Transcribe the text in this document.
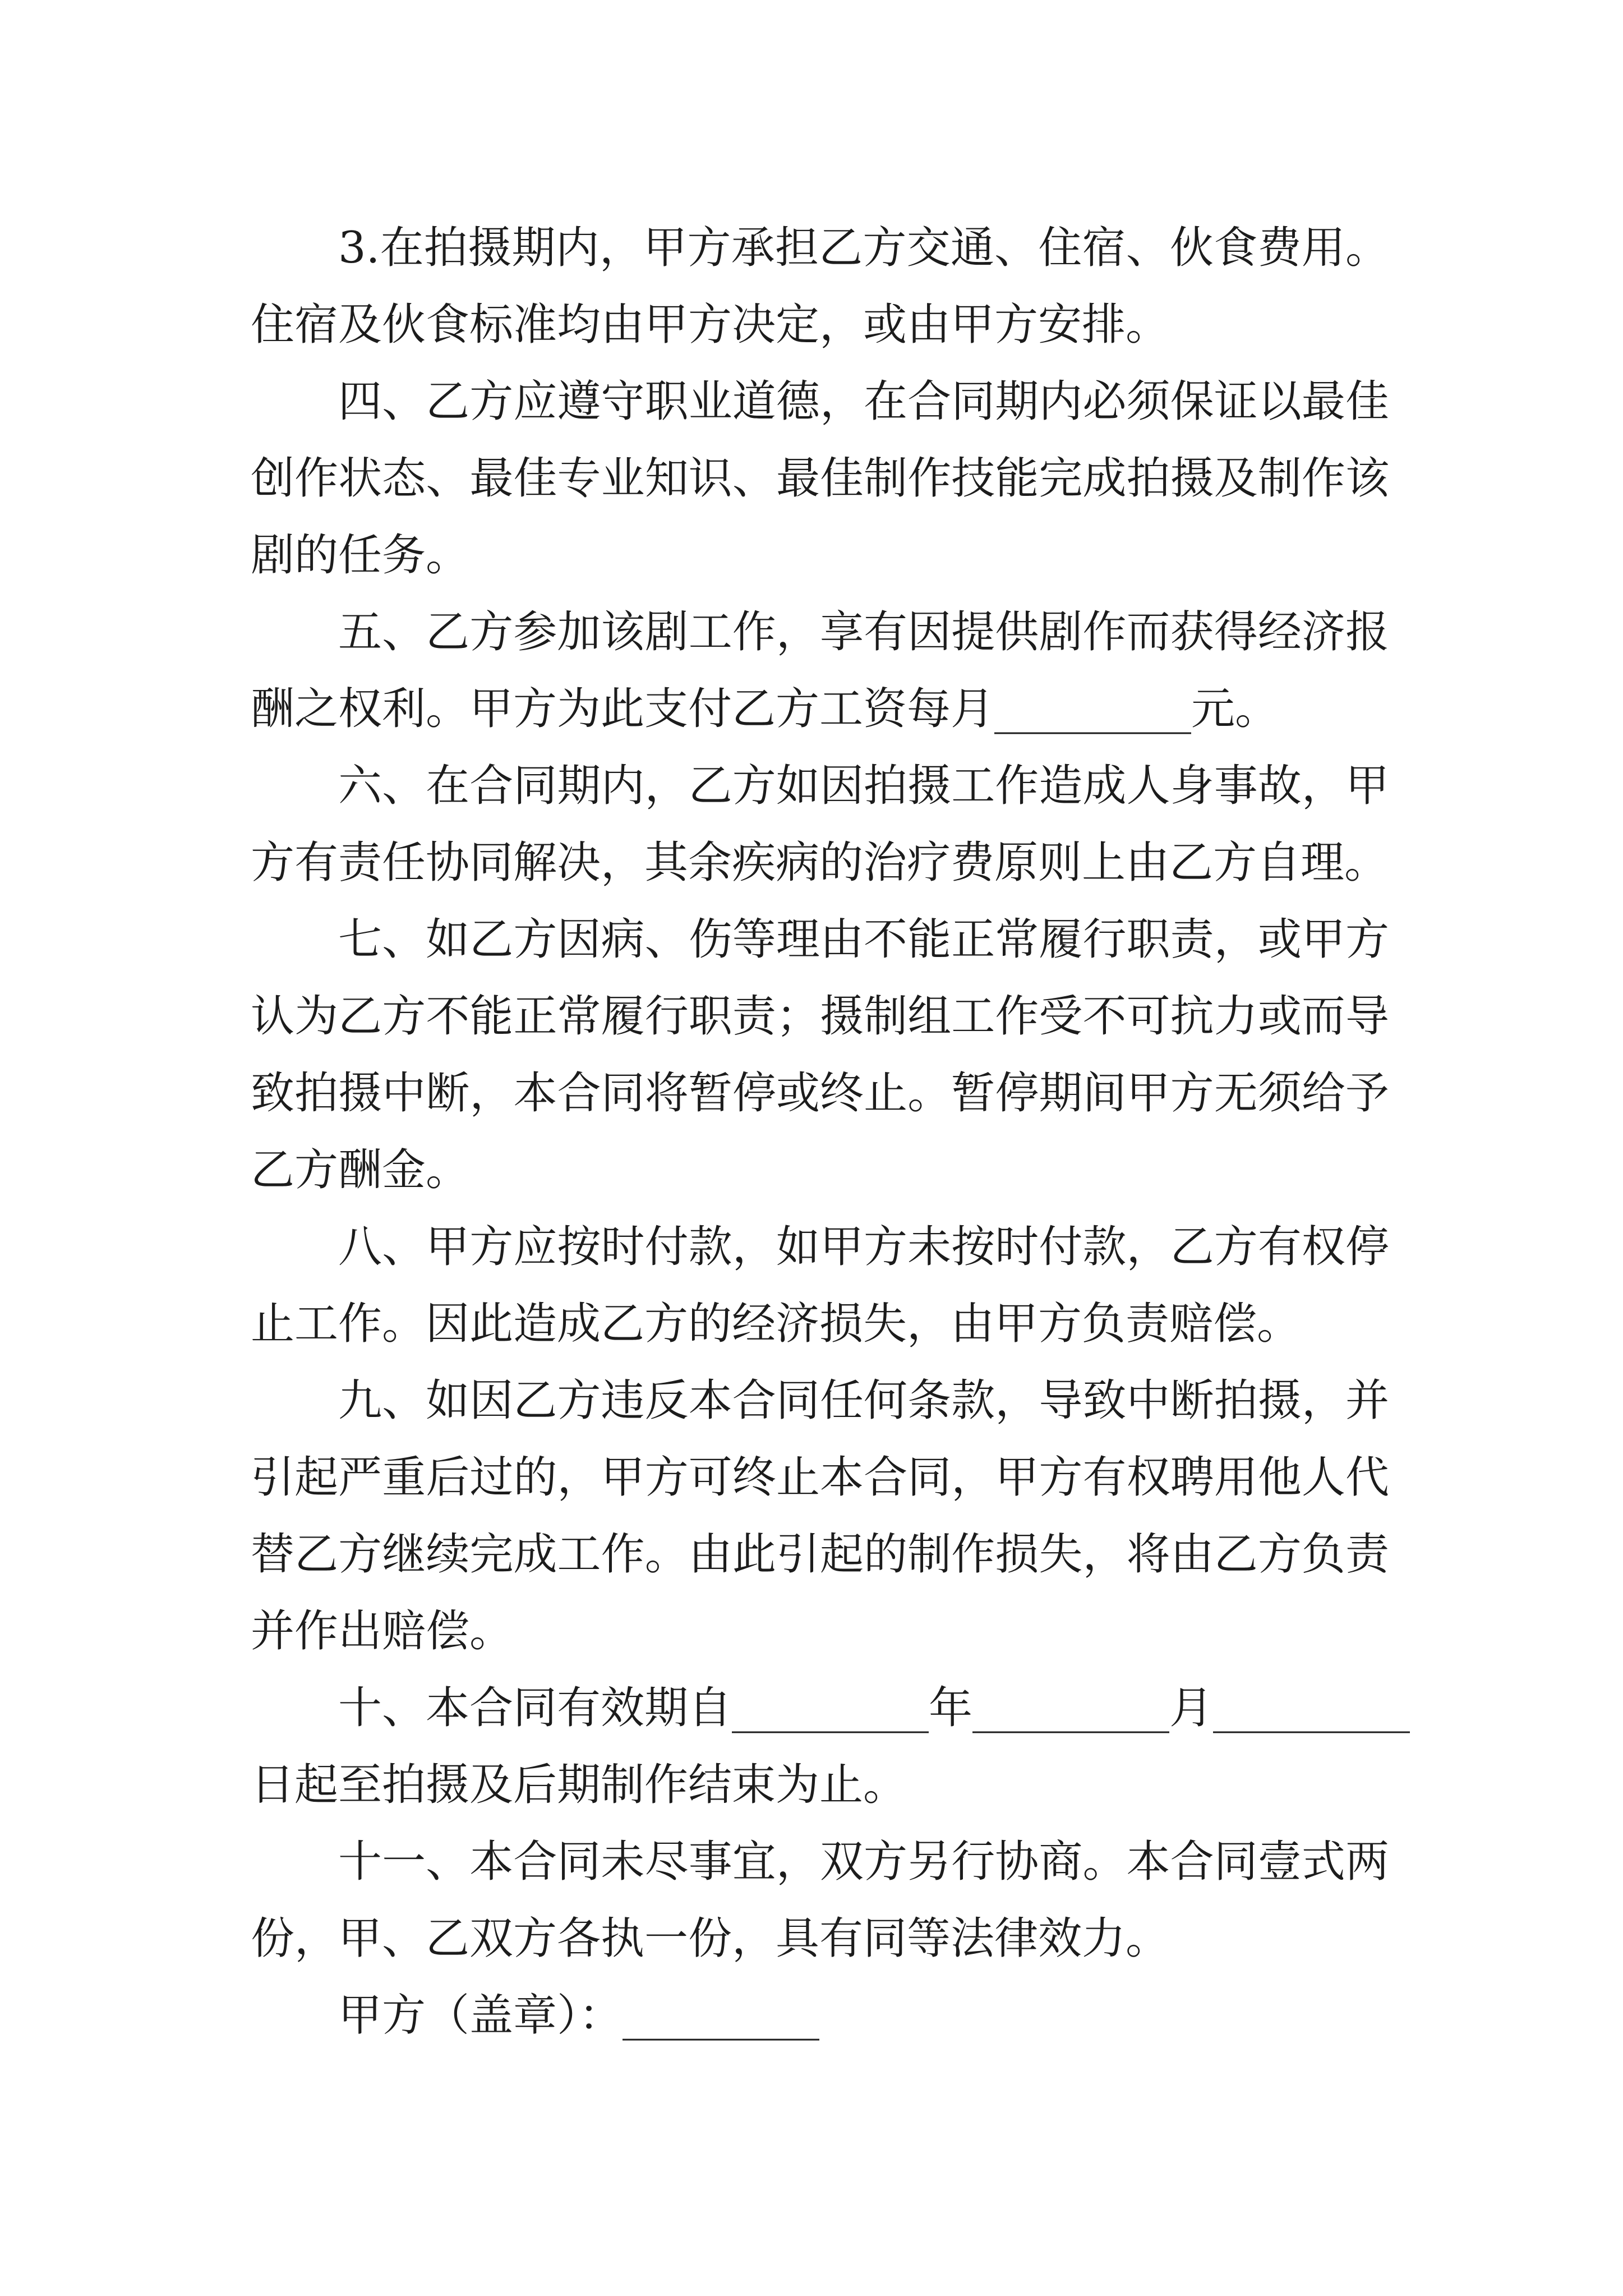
3.在拍摄期内，甲方承担乙方交通、住宿、伙食费用。
住宿及伙食标准均由甲方决定，或由甲方安排。
四、乙方应遵守职业道德，在合同期内必须保证以最佳
创作状态、最佳专业知识、最佳制作技能完成拍摄及制作该
剧的任务。
五、乙方参加该剧工作，享有因提供剧作而获得经济报
酬之权利。甲方为此支付乙方工资每月_________元。
六、在合同期内，乙方如因拍摄工作造成人身事故，甲
方有责任协同解决，其余疾病的治疗费原则上由乙方自理。
七、如乙方因病、伤等理由不能正常履行职责，或甲方
认为乙方不能正常履行职责；摄制组工作受不可抗力或而导
致拍摄中断，本合同将暂停或终止。暂停期间甲方无须给予
乙方酬金。
八、甲方应按时付款，如甲方未按时付款，乙方有权停
止工作。因此造成乙方的经济损失，由甲方负责赔偿。
九、如因乙方违反本合同任何条款，导致中断拍摄，并
引起严重后过的，甲方可终止本合同，甲方有权聘用他人代
替乙方继续完成工作。由此引起的制作损失，将由乙方负责
并作出赔偿。
十、本合同有效期自_________年_________月_________
日起至拍摄及后期制作结束为止。
十一、本合同未尽事宜，双方另行协商。本合同壹式两
份，甲、乙双方各执一份，具有同等法律效力。
甲方（盖章）：_________
